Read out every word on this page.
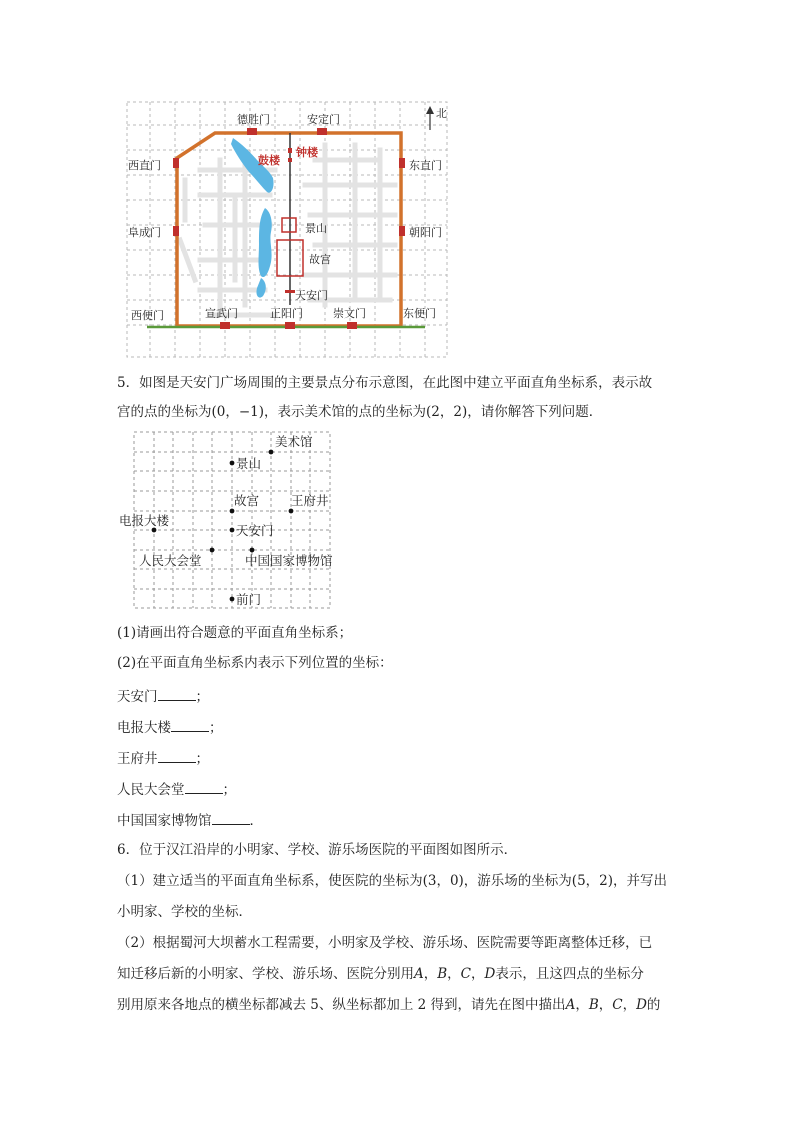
北
德胜门	安定门
西直门	东直门
阜成门	朝阳门
西便门	宣武门	正阳门	崇文门	东便门
鼓楼
钟楼
景山
故宫
天安门
5．如图是天安门广场周围的主要景点分布示意图，在此图中建立平面直角坐标系，表示故
宫的点的坐标为(0，−1)，表示美术馆的点的坐标为(2，2)，请你解答下列问题．
美术馆
景山
故宫	王府井
电报大楼
天安门
人民大会堂	中国国家博物馆
前门
(1)请画出符合题意的平面直角坐标系；
(2)在平面直角坐标系内表示下列位置的坐标：
天安门	；
电报大楼	；
王府井	；
人民大会堂	；
中国国家博物馆	．
6．位于汉江沿岸的小明家、学校、游乐场医院的平面图如图所示．
（1）建立适当的平面直角坐标系，使医院的坐标为(3，0)，游乐场的坐标为(5，2)，并写出
小明家、学校的坐标．
（2）根据蜀河大坝蓄水工程需要，小明家及学校、游乐场、医院需要等距离整体迁移，已
知迁移后新的小明家、学校、游乐场、医院分别用A，B，C，D表示，且这四点的坐标分
别用原来各地点的横坐标都减去 5、纵坐标都加上 2 得到，请先在图中描出A，B，C，D的
